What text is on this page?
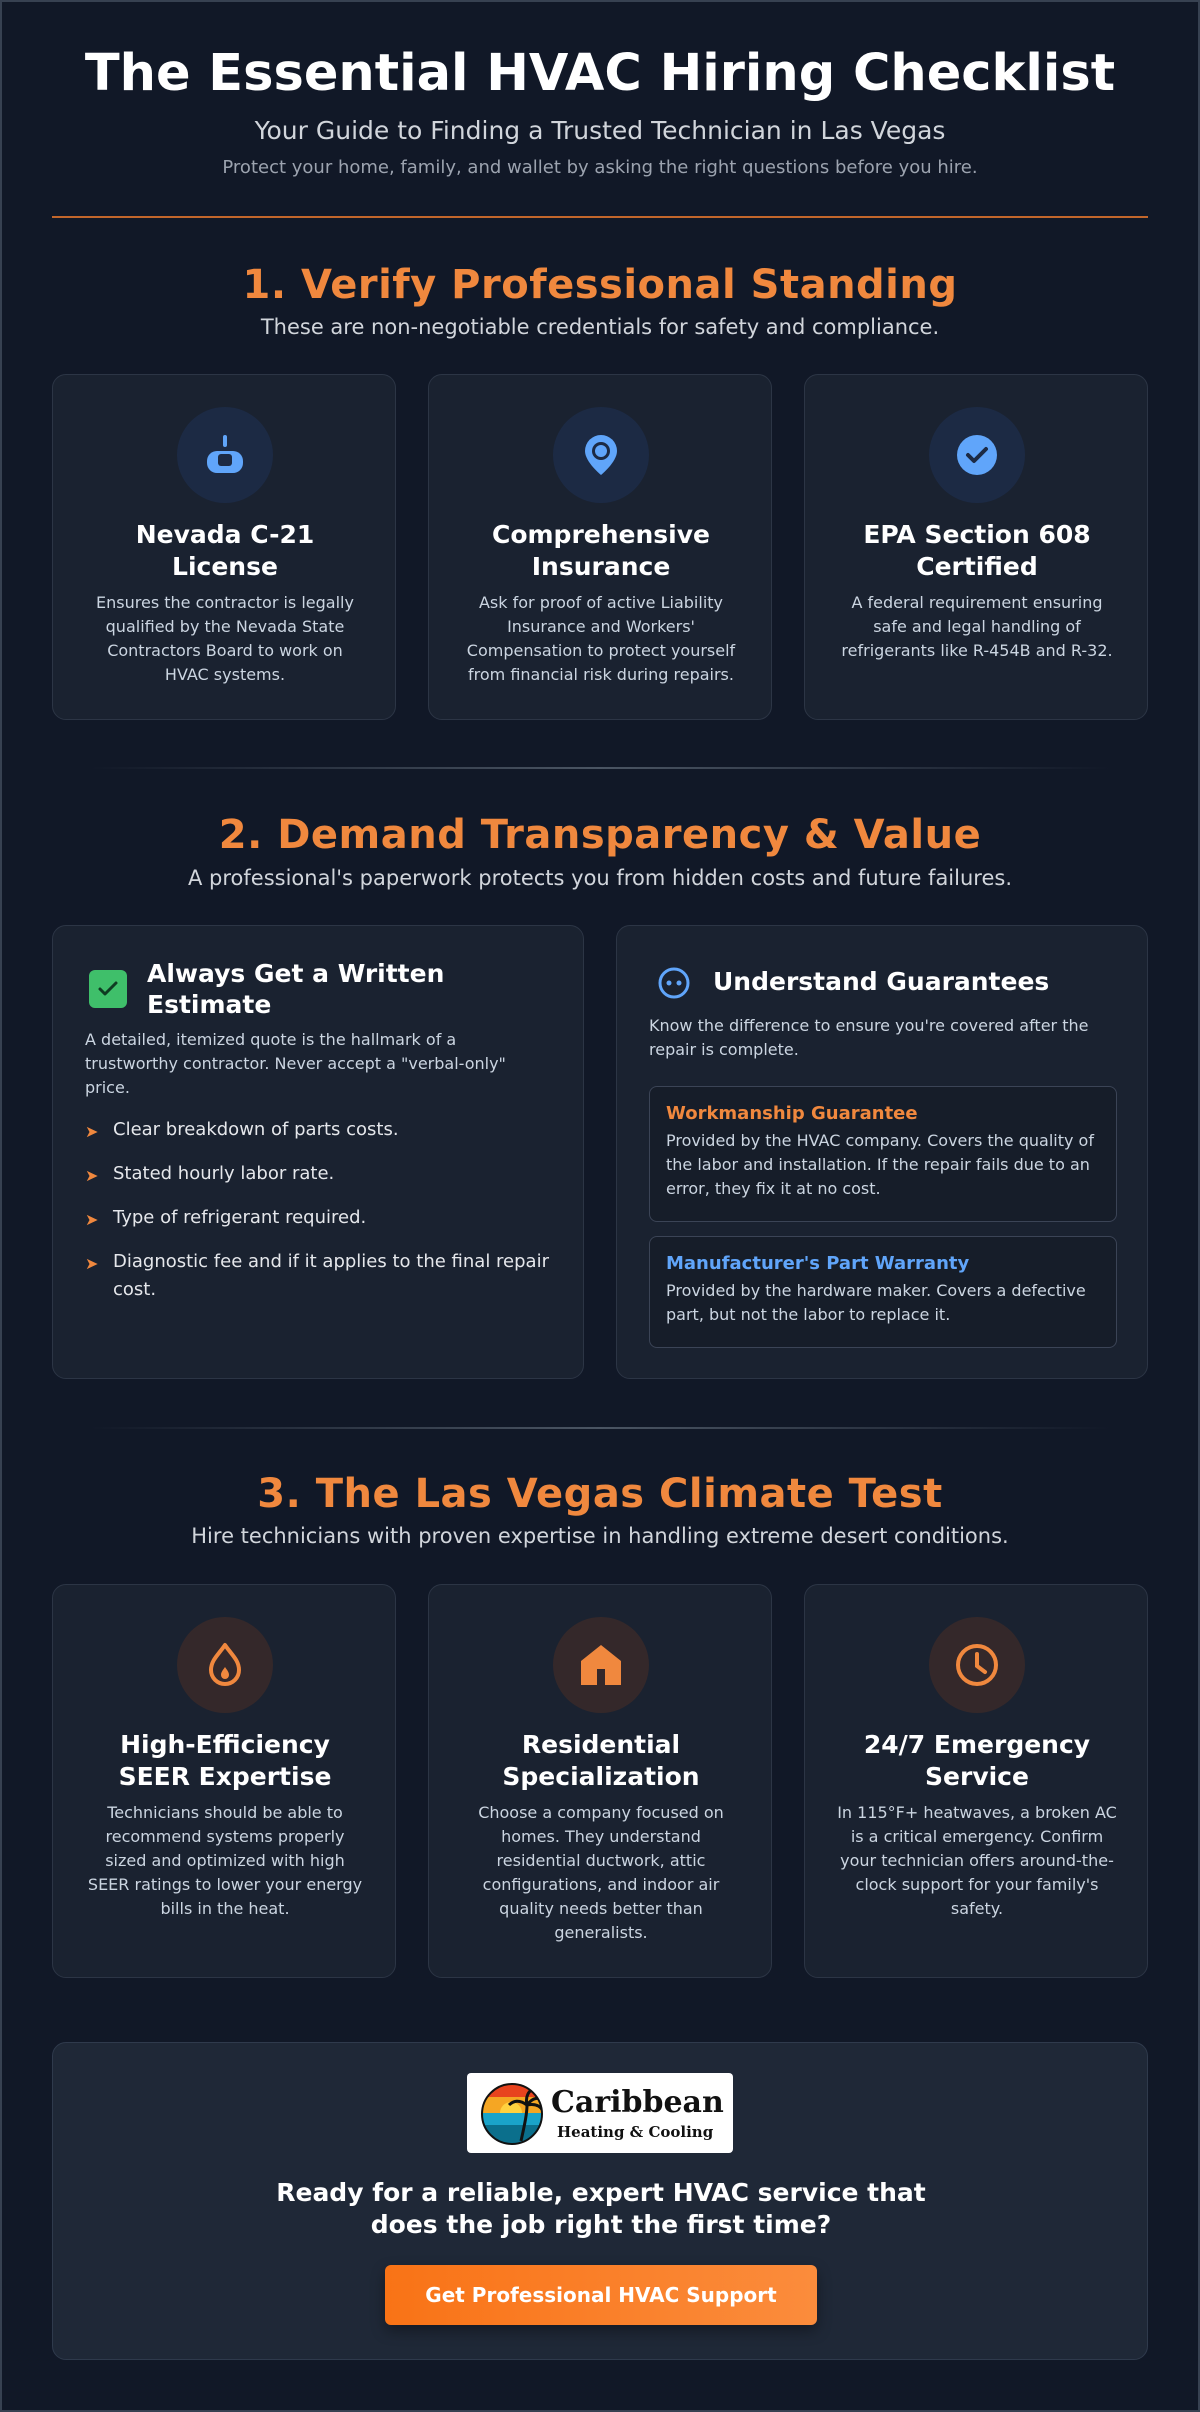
The Essential HVAC Hiring Checklist
Your Guide to Finding a Trusted Technician in Las Vegas
Protect your home, family, and wallet by asking the right questions before you hire.
1. Verify Professional Standing
These are non-negotiable credentials for safety and compliance.
Nevada C-21
License
Ensures the contractor is legally qualified by the Nevada State Contractors Board to work on HVAC systems.
Comprehensive
Insurance
Ask for proof of active Liability Insurance and Workers' Compensation to protect yourself from financial risk during repairs.
EPA Section 608
Certified
A federal requirement ensuring safe and legal handling of refrigerants like R-454B and R-32.
2. Demand Transparency & Value
A professional's paperwork protects you from hidden costs and future failures.
Always Get a Written
Estimate
A detailed, itemized quote is the hallmark of a trustworthy contractor. Never accept a "verbal-only" price.
➤ Clear breakdown of parts costs.
➤ Stated hourly labor rate.
➤ Type of refrigerant required.
➤ Diagnostic fee and if it applies to the final repair cost.
Understand Guarantees
Know the difference to ensure you're covered after the repair is complete.
Workmanship Guarantee
Provided by the HVAC company. Covers the quality of the labor and installation. If the repair fails due to an error, they fix it at no cost.
Manufacturer's Part Warranty
Provided by the hardware maker. Covers a defective part, but not the labor to replace it.
3. The Las Vegas Climate Test
Hire technicians with proven expertise in handling extreme desert conditions.
High-Efficiency
SEER Expertise
Technicians should be able to recommend systems properly sized and optimized with high SEER ratings to lower your energy bills in the heat.
Residential
Specialization
Choose a company focused on homes. They understand residential ductwork, attic configurations, and indoor air quality needs better than generalists.
24/7 Emergency
Service
In 115°F+ heatwaves, a broken AC is a critical emergency. Confirm your technician offers around-the-clock support for your family's safety.
Caribbean
Heating & Cooling
Ready for a reliable, expert HVAC service that
does the job right the first time?
Get Professional HVAC Support
